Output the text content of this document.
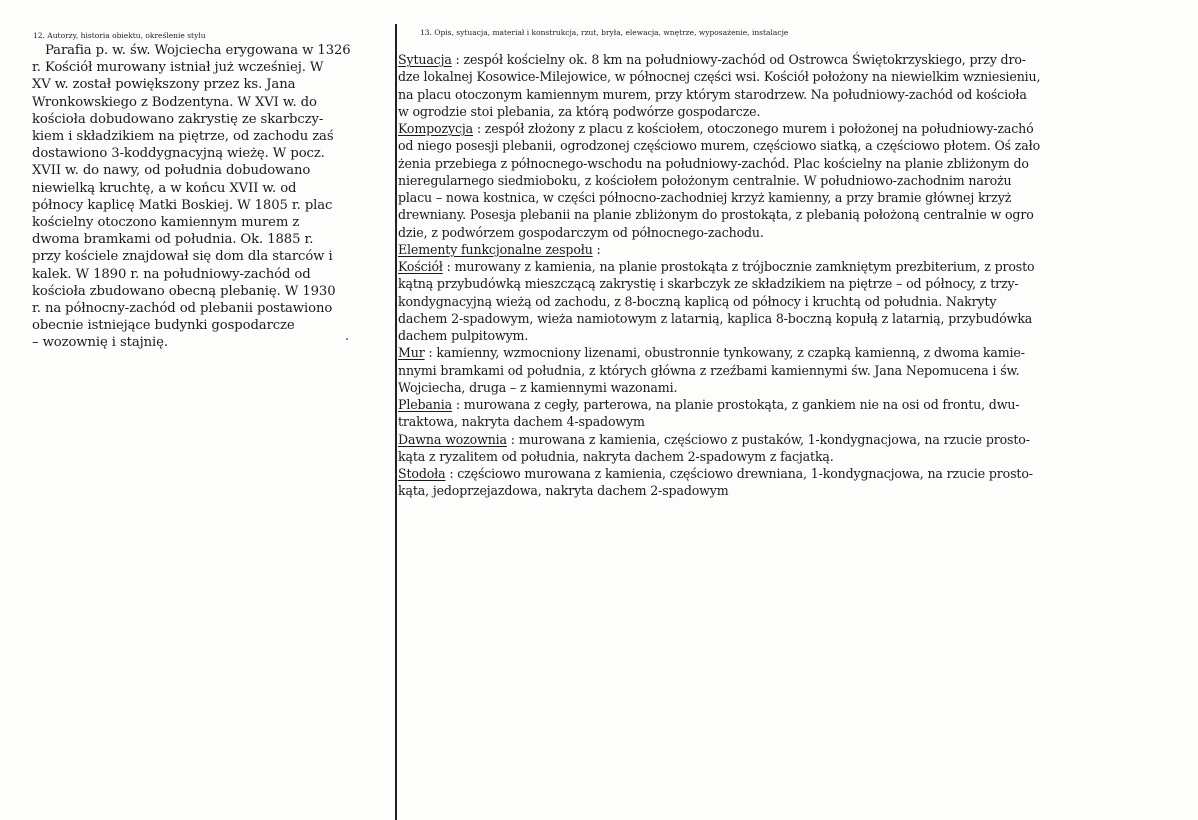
12. Autorzy, historia obiektu, określenie stylu	13. Opis, sytuacja, materiał i konstrukcja, rzut, bryła, elewacja, wnętrze, wyposażenie, instalacje
Parafia p. w. św. Wojciecha erygowana w 1326
r. Kościół murowany istniał już wcześniej. W
XV w. został powiększony przez ks. Jana
Wronkowskiego z Bodzentyna. W XVI w. do
kościoła dobudowano zakrystię ze skarbczy-
kiem i składzikiem na piętrze, od zachodu zaś
dostawiono 3-koddygnacyjną wieżę. W pocz.
XVII w. do nawy, od południa dobudowano
niewielką kruchtę, a w końcu XVII w. od
północy kaplicę Matki Boskiej. W 1805 r. plac
kościelny otoczono kamiennym murem z
dwoma bramkami od południa. Ok. 1885 r.
przy kościele znajdował się dom dla starców i
kalek. W 1890 r. na południowy-zachód od
kościoła zbudowano obecną plebanię. W 1930
r. na północny-zachód od plebanii postawiono
obecnie istniejące budynki gospodarcze
– wozownię i stajnię.
Sytuacja : zespół kościelny ok. 8 km na południowy-zachód od Ostrowca Świętokrzyskiego, przy dro-
dze lokalnej Kosowice-Milejowice, w północnej części wsi. Kościół położony na niewielkim wzniesieniu,
na placu otoczonym kamiennym murem, przy którym starodrzew. Na południowy-zachód od kościoła
w ogrodzie stoi plebania, za którą podwórze gospodarcze.
Kompozycja : zespół złożony z placu z kościołem, otoczonego murem i położonej na południowy-zachó
od niego posesji plebanii, ogrodzonej częściowo murem, częściowo siatką, a częściowo płotem. Oś zało
żenia przebiega z północnego-wschodu na południowy-zachód. Plac kościelny na planie zbliżonym do
nieregularnego siedmioboku, z kościołem położonym centralnie. W południowo-zachodnim narożu
placu – nowa kostnica, w części północno-zachodniej krzyż kamienny, a przy bramie głównej krzyż
drewniany. Posesja plebanii na planie zbliżonym do prostokąta, z plebanią położoną centralnie w ogro
dzie, z podwórzem gospodarczym od północnego-zachodu.
Elementy funkcjonalne zespołu :
Kościół : murowany z kamienia, na planie prostokąta z trójbocznie zamkniętym prezbiterium, z prosto
kątną przybudówką mieszczącą zakrystię i skarbczyk ze składzikiem na piętrze – od północy, z trzy-
kondygnacyjną wieżą od zachodu, z 8-boczną kaplicą od północy i kruchtą od południa. Nakryty
dachem 2-spadowym, wieża namiotowym z latarnią, kaplica 8-boczną kopułą z latarnią, przybudówka
dachem pulpitowym.
Mur : kamienny, wzmocniony lizenami, obustronnie tynkowany, z czapką kamienną, z dwoma kamie-
nnymi bramkami od południa, z których główna z rzeźbami kamiennymi św. Jana Nepomucena i św.
Wojciecha, druga – z kamiennymi wazonami.
Plebania : murowana z cegły, parterowa, na planie prostokąta, z gankiem nie na osi od frontu, dwu-
traktowa, nakryta dachem 4-spadowym
Dawna wozownia : murowana z kamienia, częściowo z pustaków, 1-kondygnacjowa, na rzucie prosto-
kąta z ryzalitem od południa, nakryta dachem 2-spadowym z facjatką.
Stodoła : częściowo murowana z kamienia, częściowo drewniana, 1-kondygnacjowa, na rzucie prosto-
kąta, jedoprzejazdowa, nakryta dachem 2-spadowym
